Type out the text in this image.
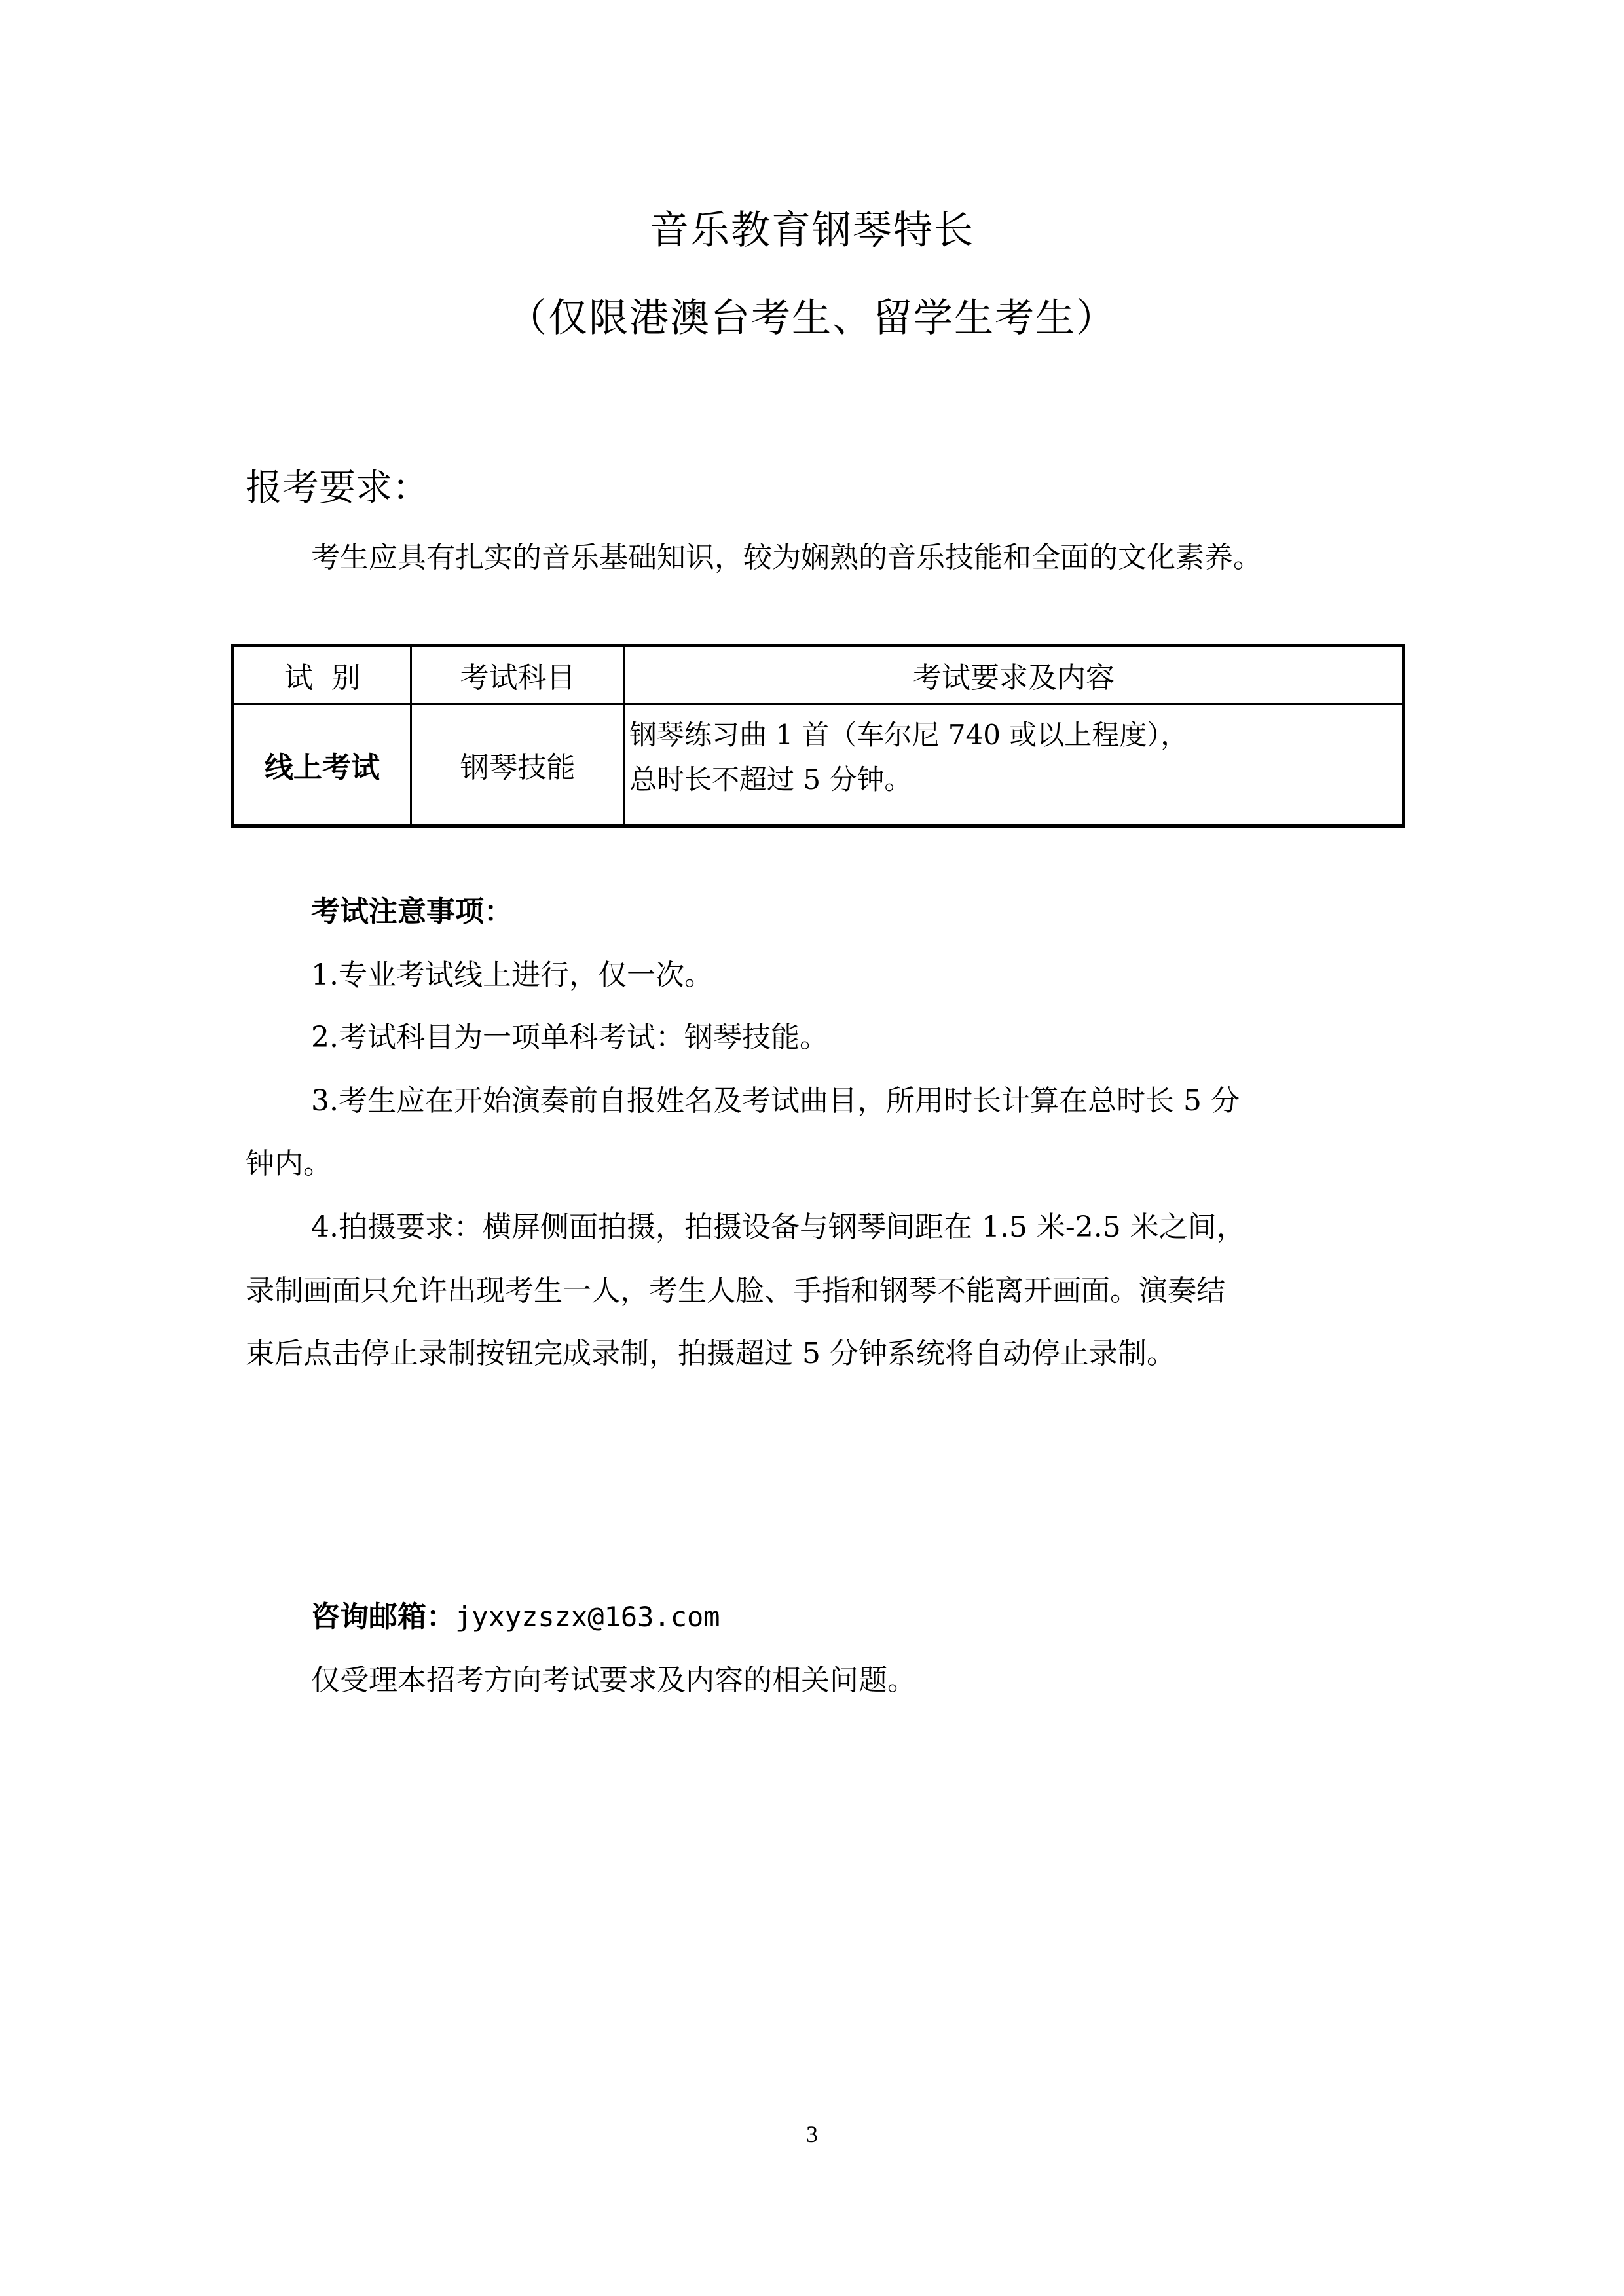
音乐教育钢琴特长
（仅限港澳台考生、留学生考生）
报考要求：
考生应具有扎实的音乐基础知识，较为娴熟的音乐技能和全面的文化素养。
试  别	考试科目	考试要求及内容
线上考试	钢琴技能	钢琴练习曲 1 首（车尔尼 740 或以上程度），
总时长不超过 5 分钟。
考试注意事项：
1.专业考试线上进行，仅一次。
2.考试科目为一项单科考试：钢琴技能。
3.考生应在开始演奏前自报姓名及考试曲目，所用时长计算在总时长 5 分
钟内。
4.拍摄要求：横屏侧面拍摄，拍摄设备与钢琴间距在 1.5 米-2.5 米之间，
录制画面只允许出现考生一人，考生人脸、手指和钢琴不能离开画面。演奏结
束后点击停止录制按钮完成录制，拍摄超过 5 分钟系统将自动停止录制。
咨询邮箱：jyxyzszx@163.com
仅受理本招考方向考试要求及内容的相关问题。
3
